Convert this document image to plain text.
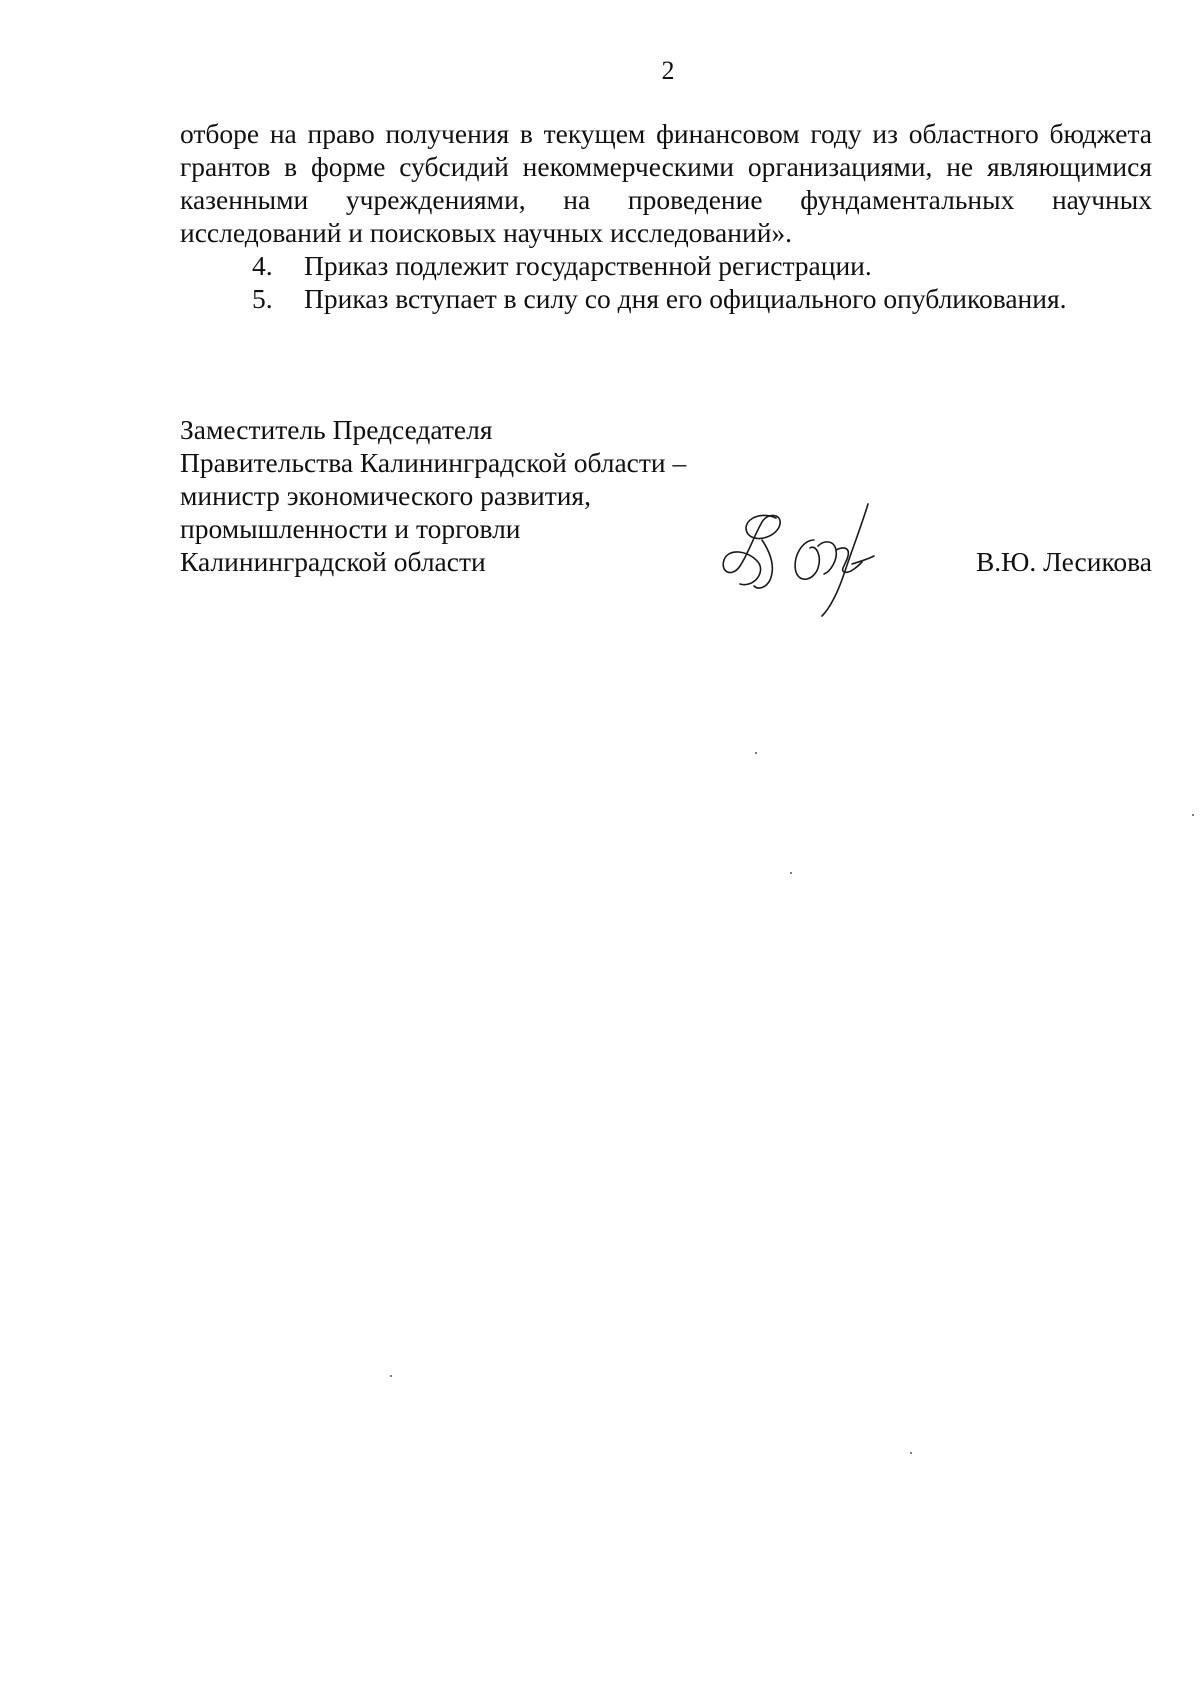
2

отборе на право получения в текущем финансовом году из областного бюджета грантов в форме субсидий некоммерческими организациями, не являющимися казенными учреждениями, на проведение фундаментальных научных исследований и поисковых научных исследований».

4.	Приказ подлежит государственной регистрации.
5.	Приказ вступает в силу со дня его официального опубликования.
Заместитель Председателя
Правительства Калининградской области –
министр экономического развития,
промышленности и торговли
Калининградской области	В.Ю. Лесикова
